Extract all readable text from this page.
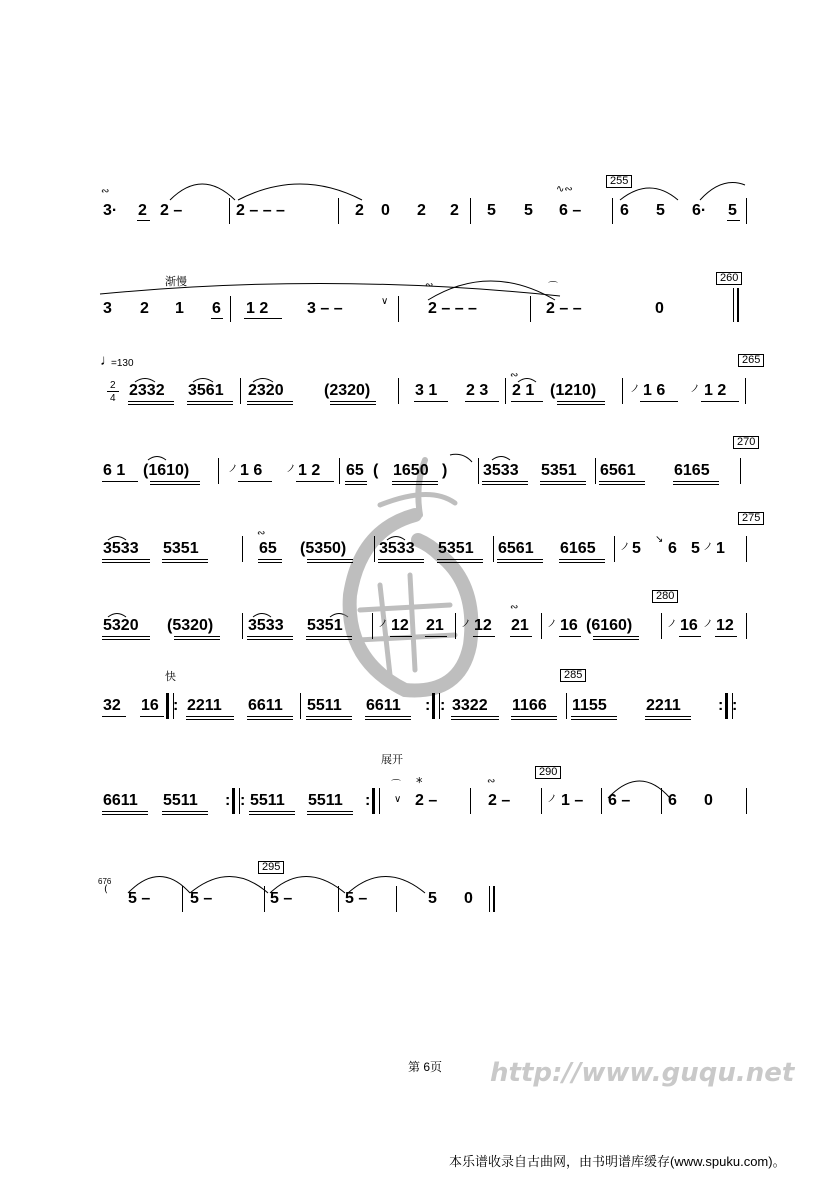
∾
3· 2 2 –	2 – – –	2 0 2 2 5 5
∿∾
6 –
255
6 5 6· 5
渐慢
3 2 1 6 1 2 3 – –	∨
∾
2 – – –
⌒
2 – –	0
260
♩
=130
2
4
265
2332 3561 2320	(2320)	3 1 2 3
∾
2 1 (1210)	ノ 1 6 ノ 1 2
270
6 1 (1610)	ノ 1 6 ノ 1 2 65 ( 1650 ) 3533 5351 6561 6165
275
3533 5351
∾
65 (5350) 3533 5351 6561 6165 ノ 5
↘
6 5 ノ 1
280
5320 (5320) 3533 5351	ノ 12 21 ノ 12
∾
21 ノ 16 (6160)	ノ 16 ノ 12
快	285
32 16 : 2211 6611 5511 6611 : : 3322 1166 1155 2211 : :
展开
290
6611 5511 : : 5511 5511 :
⌒
∨
*
2 –
∾
2 –	ノ 1 – 6 – 6 0
676
(
295
5 – 5 –	5 –	5 –	5 0
第 6页 http://www.guqu.net
本乐谱收录自古曲网，由书明谱库缓存(www.spuku.com)。
